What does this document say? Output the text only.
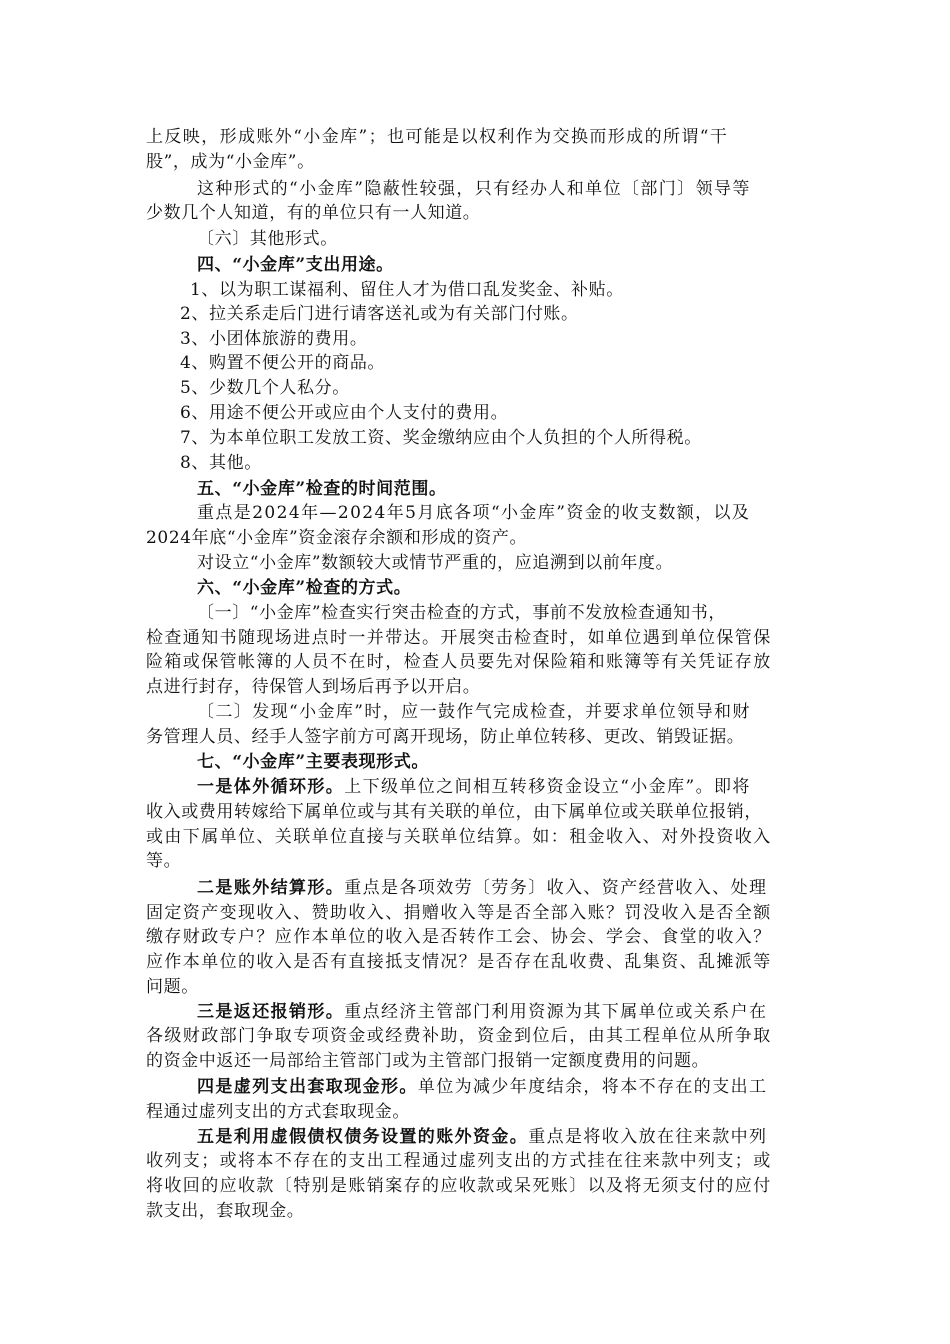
上反映，形成账外“小金库”；也可能是以权利作为交换而形成的所谓“干
股”，成为“小金库”。
这种形式的“小金库”隐蔽性较强，只有经办人和单位〔部门〕领导等
少数几个人知道，有的单位只有一人知道。
〔六〕其他形式。
四、“小金库”支出用途。
1、以为职工谋福利、留住人才为借口乱发奖金、补贴。
2、拉关系走后门进行请客送礼或为有关部门付账。
3、小团体旅游的费用。
4、购置不便公开的商品。
5、少数几个人私分。
6、用途不便公开或应由个人支付的费用。
7、为本单位职工发放工资、奖金缴纳应由个人负担的个人所得税。
8、其他。
五、“小金库”检查的时间范围。
重点是2024年—2024年5月底各项“小金库”资金的收支数额，以及
2024年底“小金库”资金滚存余额和形成的资产。
对设立“小金库”数额较大或情节严重的，应追溯到以前年度。
六、“小金库”检查的方式。
〔一〕“小金库”检查实行突击检查的方式，事前不发放检查通知书，
检查通知书随现场进点时一并带达。开展突击检查时，如单位遇到单位保管保
险箱或保管帐簿的人员不在时，检查人员要先对保险箱和账簿等有关凭证存放
点进行封存，待保管人到场后再予以开启。
〔二〕发现“小金库”时，应一鼓作气完成检查，并要求单位领导和财
务管理人员、经手人签字前方可离开现场，防止单位转移、更改、销毁证据。
七、“小金库”主要表现形式。
一是体外循环形。上下级单位之间相互转移资金设立“小金库”。即将
收入或费用转嫁给下属单位或与其有关联的单位，由下属单位或关联单位报销，
或由下属单位、关联单位直接与关联单位结算。如：租金收入、对外投资收入
等。
二是账外结算形。重点是各项效劳〔劳务〕收入、资产经营收入、处理
固定资产变现收入、赞助收入、捐赠收入等是否全部入账？罚没收入是否全额
缴存财政专户？应作本单位的收入是否转作工会、协会、学会、食堂的收入？
应作本单位的收入是否有直接抵支情况？是否存在乱收费、乱集资、乱摊派等
问题。
三是返还报销形。重点经济主管部门利用资源为其下属单位或关系户在
各级财政部门争取专项资金或经费补助，资金到位后，由其工程单位从所争取
的资金中返还一局部给主管部门或为主管部门报销一定额度费用的问题。
四是虚列支出套取现金形。单位为减少年度结余，将本不存在的支出工
程通过虚列支出的方式套取现金。
五是利用虚假债权债务设置的账外资金。重点是将收入放在往来款中列
收列支；或将本不存在的支出工程通过虚列支出的方式挂在往来款中列支；或
将收回的应收款〔特别是账销案存的应收款或呆死账〕以及将无须支付的应付
款支出，套取现金。
